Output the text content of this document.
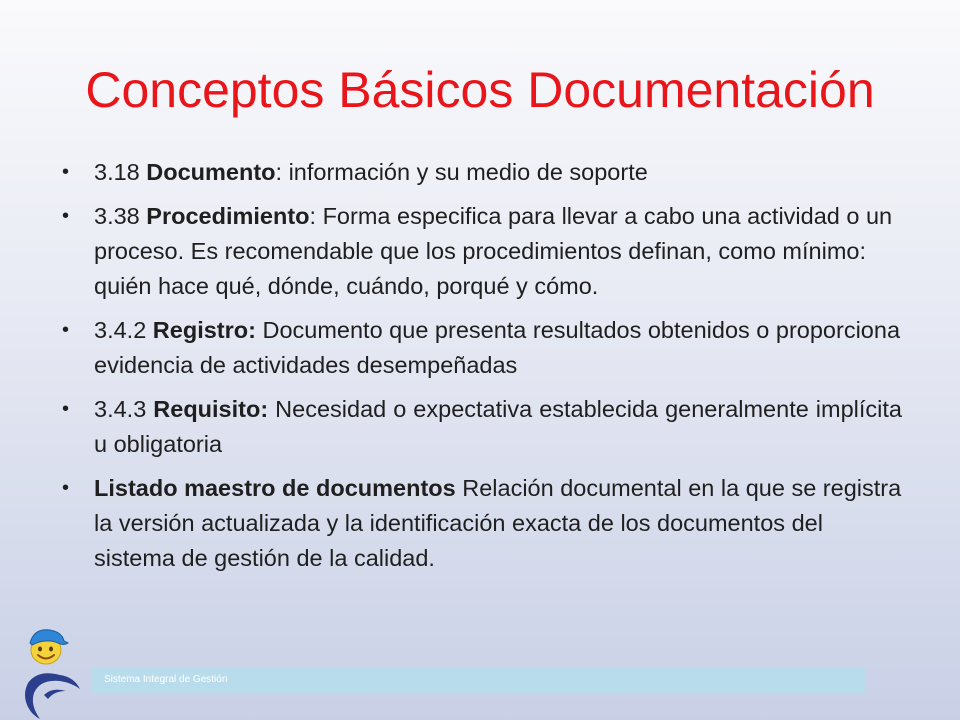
Conceptos Básicos Documentación
•	3.18 Documento: información y su medio de soporte
•	3.38 Procedimiento: Forma especifica para llevar a cabo una actividad o un proceso. Es recomendable que los procedimientos definan, como mínimo: quién hace qué, dónde, cuándo, porqué y cómo.
•	3.4.2 Registro: Documento que presenta resultados obtenidos o proporciona evidencia de actividades desempeñadas
•	3.4.3 Requisito: Necesidad o expectativa establecida generalmente implícita u obligatoria
•	Listado maestro de documentos Relación documental en la que se registra la versión actualizada y la identificación exacta de los documentos del sistema de gestión de la calidad.
Sistema Integral de Gestión
